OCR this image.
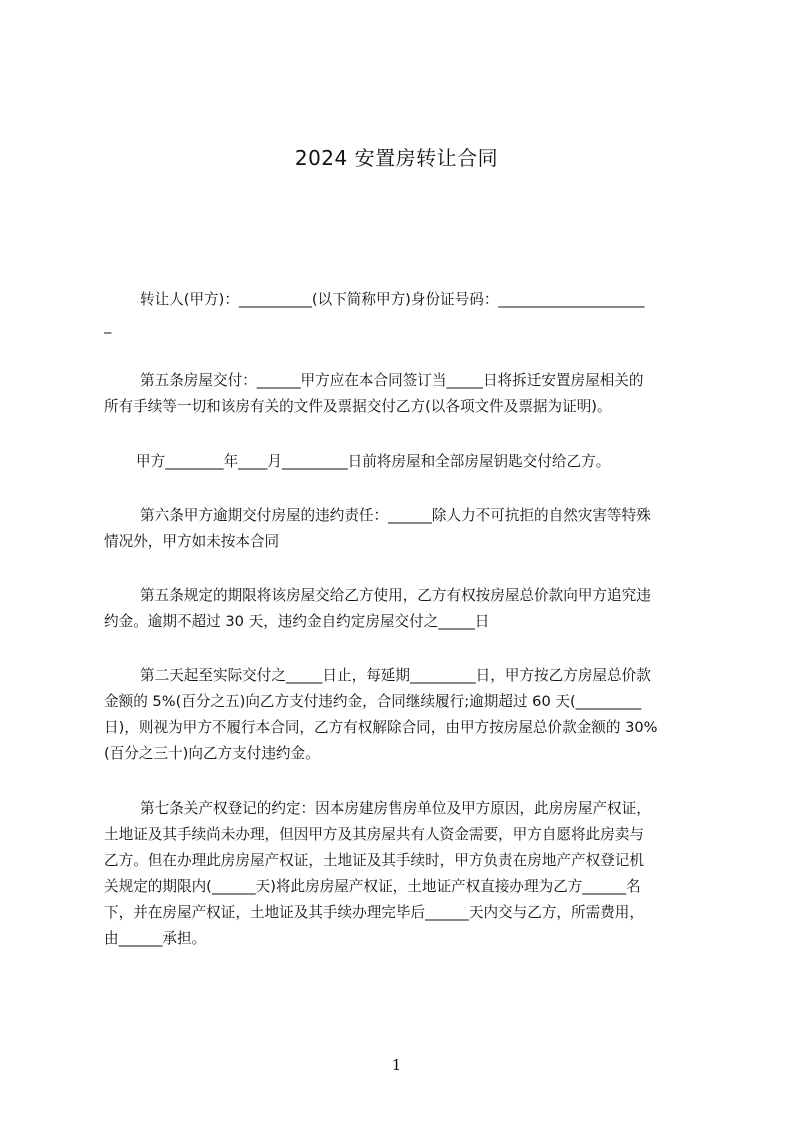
2024 安置房转让合同
转让人(甲方)：__________(以下简称甲方)身份证号码：____________________
_
第五条房屋交付：______甲方应在本合同签订当_____日将拆迁安置房屋相关的
所有手续等一切和该房有关的文件及票据交付乙方(以各项文件及票据为证明)。
甲方________年____月_________日前将房屋和全部房屋钥匙交付给乙方。
第六条甲方逾期交付房屋的违约责任：______除人力不可抗拒的自然灾害等特殊
情况外，甲方如未按本合同
第五条规定的期限将该房屋交给乙方使用，乙方有权按房屋总价款向甲方追究违
约金。逾期不超过 30 天，违约金自约定房屋交付之_____日
第二天起至实际交付之_____日止，每延期_________日，甲方按乙方房屋总价款
金额的 5%(百分之五)向乙方支付违约金，合同继续履行;逾期超过 60 天(_________
日)，则视为甲方不履行本合同，乙方有权解除合同，由甲方按房屋总价款金额的 30%
(百分之三十)向乙方支付违约金。
第七条关产权登记的约定：因本房建房售房单位及甲方原因，此房房屋产权证，
土地证及其手续尚未办理，但因甲方及其房屋共有人资金需要，甲方自愿将此房卖与
乙方。但在办理此房房屋产权证，土地证及其手续时，甲方负责在房地产产权登记机
关规定的期限内(______天)将此房房屋产权证，土地证产权直接办理为乙方______名
下，并在房屋产权证，土地证及其手续办理完毕后______天内交与乙方，所需费用，
由______承担。
1
